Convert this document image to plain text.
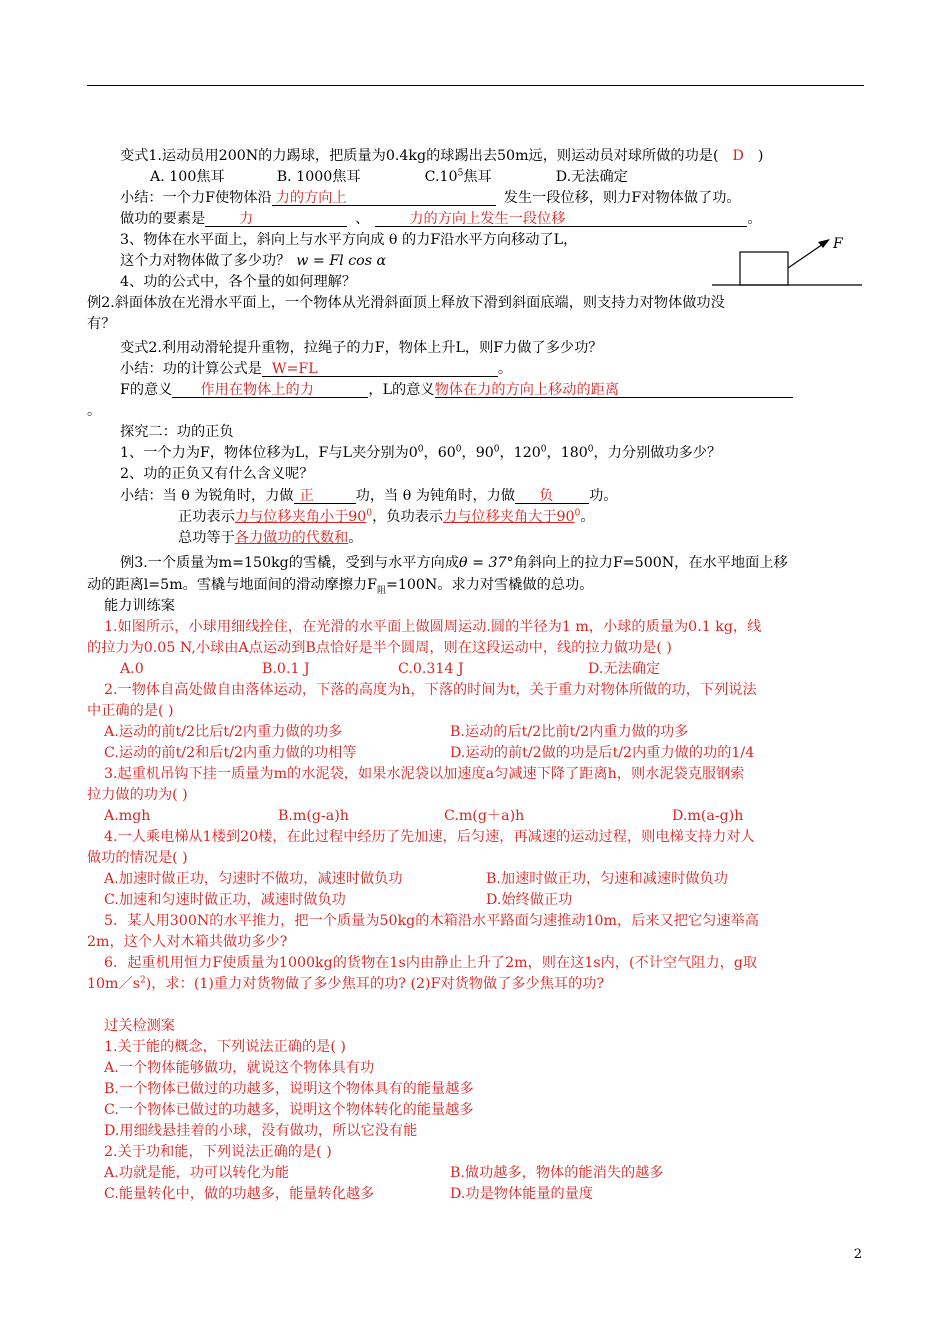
变式1.运动员用200N的力踢球，把质量为0.4kg的球踢出去50m远，则运动员对球所做的功是( D )
A. 100焦耳	B. 1000焦耳	$C.10^5$焦耳	D.无法确定
小结：一个力F使物体沿 力的方向上	发生一段位移，则力F对物体做了功。
做功的要素是 力	、	力的方向上发生一段位移	。
3、物体在水平面上，斜向上与水平方向成 θ 的力F沿水平方向移动了L，
这个力对物体做了多少功？ w = Fl cos α
F
4、功的公式中，各个量的如何理解？
例2.斜面体放在光滑水平面上，一个物体从光滑斜面顶上释放下滑到斜面底端，则支持力对物体做功没
有？
变式2.利用动滑轮提升重物，拉绳子的力F，物体上升L，则F力做了多少功？
小结：功的计算公式是 W=FL	。
F的意义 作用在物体上的力	，L的意义物体在力的方向上移动的距离
。
探究二：功的正负
1、一个力为F，物体位移为L，F与L夹分别为$0^0$，$60^0$，$90^0$，$120^0$，$180^0$，力分别做功多少？
2、功的正负又有什么含义呢？
小结：当 θ 为锐角时，力做 正	功，当 θ 为钝角时，力做 负	功。
正功表示力与位移夹角小于$90^0$，负功表示力与位移夹角大于$90^0$。
总功等于各力做功的代数和。
例3.一个质量为m=150kg的雪橇，受到与水平方向成θ = 37°角斜向上的拉力F=500N，在水平地面上移
动的距离l=5m。雪橇与地面间的滑动摩擦力$F_阻=100N$。求力对雪橇做的总功。
能力训练案
1.如图所示，小球用细线拴住，在光滑的水平面上做圆周运动.圆的半径为1 m，小球的质量为0.1 kg，线
的拉力为0.05 N,小球由A点运动到B点恰好是半个圆周，则在这段运动中，线的拉力做功是( )
A.0	B.0.1 J	C.0.314 J	D.无法确定
2.一物体自高处做自由落体运动，下落的高度为h，下落的时间为t，关于重力对物体所做的功，下列说法
中正确的是( )
A.运动的前t/2比后t/2内重力做的功多	B.运动的后t/2比前t/2内重力做的功多
C.运动的前t/2和后t/2内重力做的功相等	D.运动的前t/2做的功是后t/2内重力做的功的1/4
3.起重机吊钩下挂一质量为m的水泥袋，如果水泥袋以加速度a匀减速下降了距离h，则水泥袋克服钢索
拉力做的功为( )
A.mgh	B.m(g-a)h	C.m(g＋a)h	D.m(a-g)h
4.一人乘电梯从1楼到20楼，在此过程中经历了先加速，后匀速，再减速的运动过程，则电梯支持力对人
做功的情况是( )
A.加速时做正功，匀速时不做功，减速时做负功	B.加速时做正功，匀速和减速时做负功
C.加速和匀速时做正功，减速时做负功	D.始终做正功
5．某人用300N的水平推力，把一个质量为50kg的木箱沿水平路面匀速推动10m，后来又把它匀速举高
2m，这个人对木箱共做功多少?
6．起重机用恒力F使质量为1000kg的货物在1s内由静止上升了2m，则在这1s内，(不计空气阻力，g取
$10m/s^2$)，求：(1)重力对货物做了多少焦耳的功? (2)F对货物做了多少焦耳的功?
过关检测案
1.关于能的概念，下列说法正确的是( )
A.一个物体能够做功，就说这个物体具有功
B.一个物体已做过的功越多，说明这个物体具有的能量越多
C.一个物体已做过的功越多，说明这个物体转化的能量越多
D.用细线悬挂着的小球，没有做功，所以它没有能
2.关于功和能，下列说法正确的是( )
A.功就是能，功可以转化为能	B.做功越多，物体的能消失的越多
C.能量转化中，做的功越多，能量转化越多	D.功是物体能量的量度
2
